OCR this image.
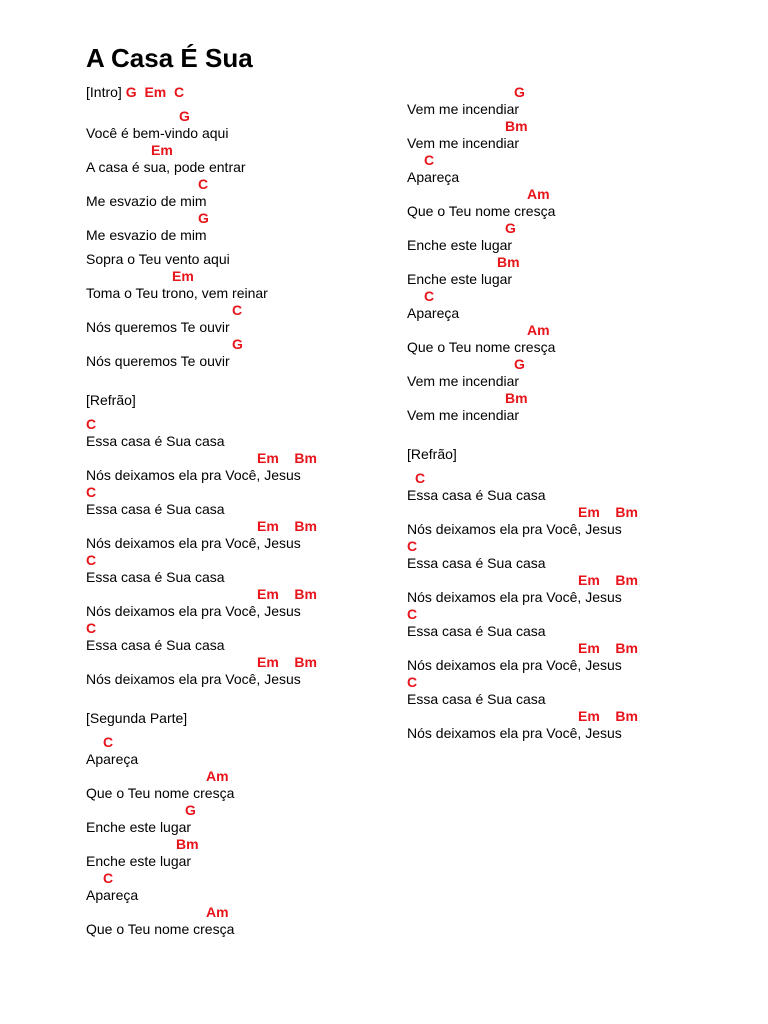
A Casa É Sua
[Intro] G  Em  C
G
Você é bem-vindo aqui
Em
A casa é sua, pode entrar
C
Me esvazio de mim
G
Me esvazio de mim
Sopra o Teu vento aqui
Em
Toma o Teu trono, vem reinar
C
Nós queremos Te ouvir
G
Nós queremos Te ouvir
[Refrão]
C
Essa casa é Sua casa
Em    Bm
Nós deixamos ela pra Você, Jesus
C
Essa casa é Sua casa
Em    Bm
Nós deixamos ela pra Você, Jesus
C
Essa casa é Sua casa
Em    Bm
Nós deixamos ela pra Você, Jesus
C
Essa casa é Sua casa
Em    Bm
Nós deixamos ela pra Você, Jesus
[Segunda Parte]
C
Apareça
Am
Que o Teu nome cresça
G
Enche este lugar
Bm
Enche este lugar
C
Apareça
Am
Que o Teu nome cresça
G
Vem me incendiar
Bm
Vem me incendiar
C
Apareça
Am
Que o Teu nome cresça
G
Enche este lugar
Bm
Enche este lugar
C
Apareça
Am
Que o Teu nome cresça
G
Vem me incendiar
Bm
Vem me incendiar
[Refrão]
C
Essa casa é Sua casa
Em    Bm
Nós deixamos ela pra Você, Jesus
C
Essa casa é Sua casa
Em    Bm
Nós deixamos ela pra Você, Jesus
C
Essa casa é Sua casa
Em    Bm
Nós deixamos ela pra Você, Jesus
C
Essa casa é Sua casa
Em    Bm
Nós deixamos ela pra Você, Jesus
